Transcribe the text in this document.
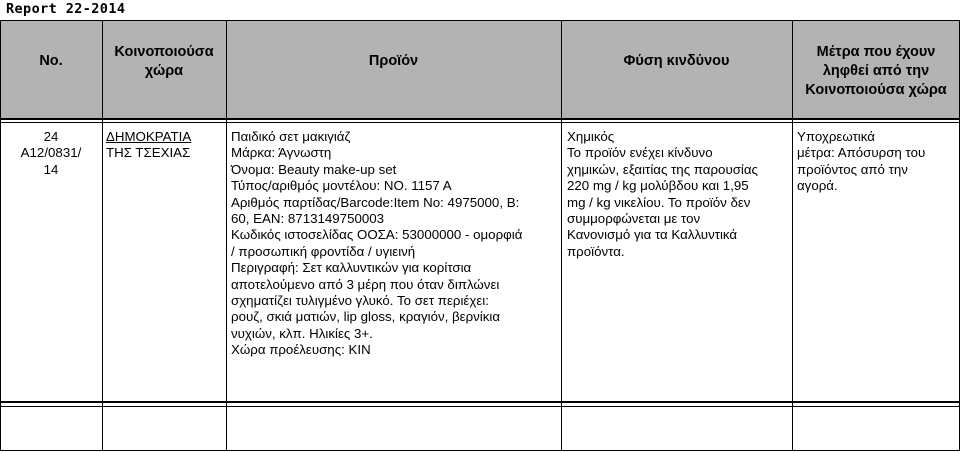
Report 22-2014
No.
Κοινοποιούσα
χώρα
Προϊόν	Φύση κινδύνου
Μέτρα που έχουν
ληφθεί από την
Κοινοποιούσα χώρα
24
A12/0831/
14
ΔΗΜΟΚΡΑΤΙΑ
ΤΗΣ ΤΣΕΧΙΑΣ
Παιδικό σετ μακιγιάζ
Μάρκα: Άγνωστη
Όνομα: Beauty make-up set
Τύπος/αριθμός μοντέλου: ΝΟ. 1157 Α
Αριθμός παρτίδας/Barcode:Item No: 4975000, B:
60, EAN: 8713149750003
Κωδικός ιστοσελίδας ΟΟΣΑ: 53000000 - ομορφιά
/ προσωπική φροντίδα / υγιεινή
Περιγραφή: Σετ καλλυντικών για κορίτσια
αποτελούμενο από 3 μέρη που όταν διπλώνει
σχηματίζει τυλιγμένο γλυκό. Το σετ περιέχει:
ρουζ, σκιά ματιών, lip gloss, κραγιόν, βερνίκια
νυχιών, κλπ. Ηλικίες 3+.
Χώρα προέλευσης: ΚΙΝ
Χημικός
Το προϊόν ενέχει κίνδυνο
χημικών, εξαιτίας της παρουσίας
220 mg / kg μολύβδου και 1,95
mg / kg νικελίου. Το προϊόν δεν
συμμορφώνεται με τον
Κανονισμό για τα Καλλυντικά
προϊόντα.
Υποχρεωτικά
μέτρα: Απόσυρση του
προϊόντος από την
αγορά.
